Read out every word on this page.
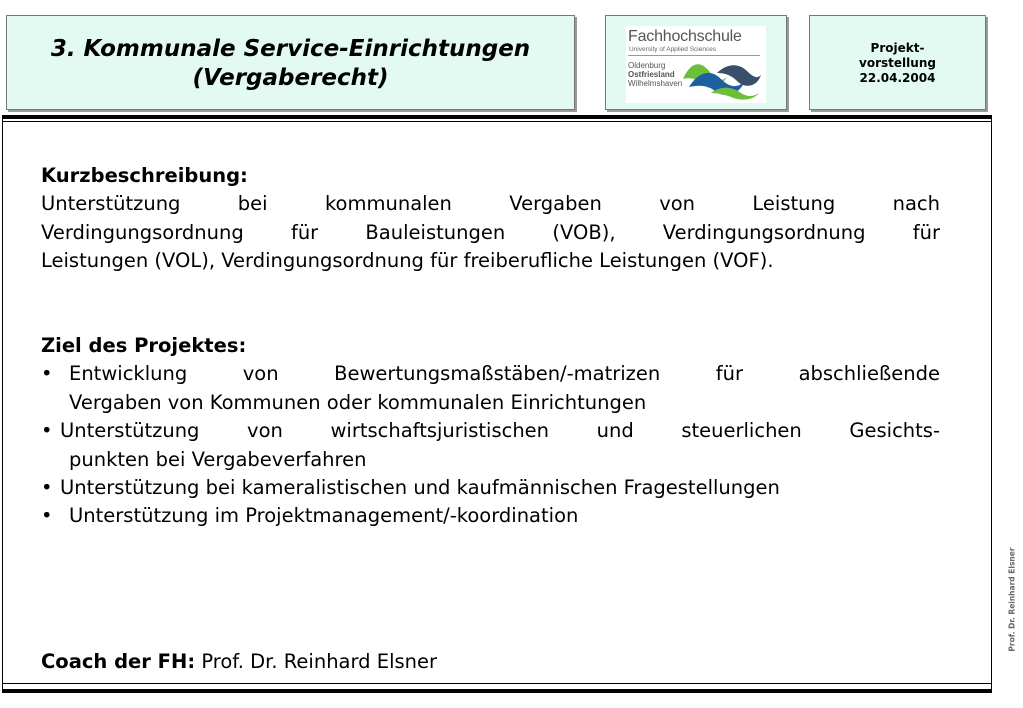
3. Kommunale Service-Einrichtungen
(Vergaberecht)
Fachhochschule
University of Applied Sciences
Oldenburg
Ostfriesland
Wilhelmshaven
Projekt-
vorstellung
22.04.2004

Kurzbeschreibung:

Unterstützung bei kommunalen Vergaben von Leistung nach

Verdingungsordnung für Bauleistungen (VOB), Verdingungsordnung für

Leistungen (VOL), Verdingungsordnung für freiberufliche Leistungen (VOF).

Ziel des Projektes:

• Entwicklung von Bewertungsmaßstäben/-matrizen für abschließende

Vergaben von Kommunen oder kommunalen Einrichtungen

• Unterstützung von wirtschaftsjuristischen und steuerlichen Gesichts-

punkten bei Vergabeverfahren

• Unterstützung bei kameralistischen und kaufmännischen Fragestellungen

• Unterstützung im Projektmanagement/-koordination

Coach der FH: Prof. Dr. Reinhard Elsner

Prof. Dr. Reinhard Elsner
